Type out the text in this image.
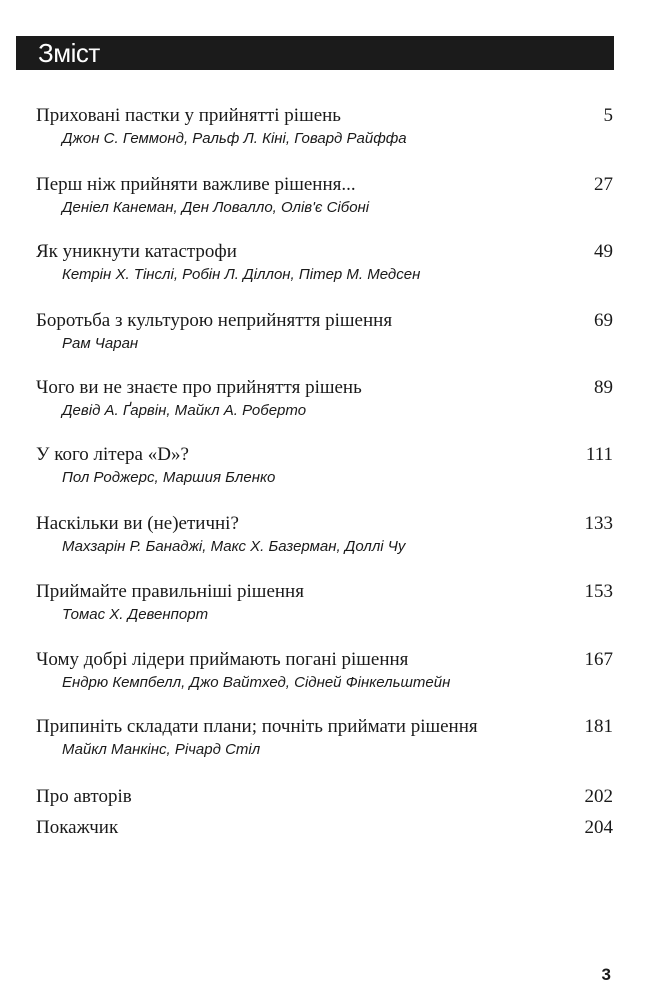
Зміст
Приховані пастки у прийнятті рішень	5
Джон С. Геммонд, Ральф Л. Кіні, Говард Райффа
Перш ніж прийняти важливе рішення...	27
Деніел Канеман, Ден Ловалло, Олів'є Сібоні
Як уникнути катастрофи	49
Кетрін Х. Тінслі, Робін Л. Діллон, Пітер М. Медсен
Боротьба з культурою неприйняття рішення	69
Рам Чаран
Чого ви не знаєте про прийняття рішень	89
Девід А. Ґарвін, Майкл А. Роберто
У кого літера «D»?	111
Пол Роджерс, Маршия Бленко
Наскільки ви (не)етичні?	133
Махзарін Р. Банаджі, Макс Х. Базерман, Доллі Чу
Приймайте правильніші рішення	153
Томас Х. Девенпорт
Чому добрі лідери приймають погані рішення	167
Ендрю Кемпбелл, Джо Вайтхед, Сідней Фінкельштейн
Припиніть складати плани; почніть приймати рішення	181
Майкл Манкінс, Річард Стіл
Про авторів	202
Покажчик	204
3
